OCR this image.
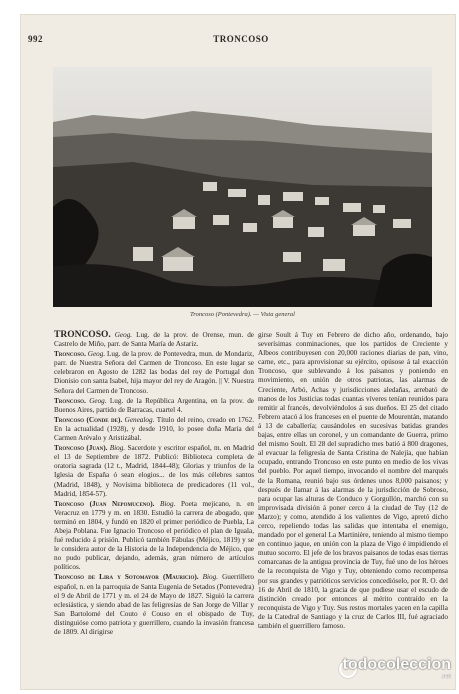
992	TRONCOSO
Troncoso (Pontevedra). — Vista general

TRONCOSO. Geog. Lug. de la prov. de Orense, mun. de Castrelo de Miño, parr. de Santa María de Astariz.

Troncoso. Geog. Lug. de la prov. de Pontevedra, mun. de Mondariz, parr. de Nuestra Señora del Carmen de Troncoso. En este lugar se celebraron en Agosto de 1282 las bodas del rey de Portugal don Dionisio con santa Isabel, hija mayor del rey de Aragón. || V. Nuestra Señora del Carmen de Troncoso.

Troncoso. Geog. Lug. de la República Argentina, en la prov. de Buenos Aires, partido de Barracas, cuartel 4.

Troncoso (Conde de). Genealog. Título del reino, creado en 1762. En la actualidad (1928), y desde 1910, lo posee doña María del Carmen Arévalo y Aristizábal.

Troncoso (Juan). Biog. Sacerdote y escritor español, m. en Madrid el 13 de Septiembre de 1872. Publicó: Biblioteca completa de oratoria sagrada (12 t., Madrid, 1844-48); Glorias y triunfos de la Iglesia de España ó sean elogios... de los más célebres santos (Madrid, 1848), y Novísima biblioteca de predicadores (11 vol., Madrid, 1854-57).

Troncoso (Juan Nepomuceno). Biog. Poeta mejicano, n. en Veracruz en 1779 y m. en 1830. Estudió la carrera de abogado, que terminó en 1804, y fundó en 1820 el primer periódico de Puebla, La Abeja Poblana. Fue Ignacio Troncoso el periódico el plan de Iguala, fué reducido á prisión. Publicó también Fábulas (Méjico, 1819) y se le considera autor de la Historia de la Independencia de Méjico, que no pudo publicar, dejando, además, gran número de artículos políticos.

Troncoso de Lira y Sotomayor (Mauricio). Biog. Guerrillero español, n. en la parroquia de Santa Eugenia de Setados (Pontevedra) el 9 de Abril de 1771 y m. el 24 de Mayo de 1827. Siguió la carrera eclesiástica, y siendo abad de las feligresías de San Jorge de Villar y San Bartolomé del Couto é Couso en el obispado de Tuy, distinguióse como patriota y guerrillero, cuando la invasión francesa de 1809. Al dirigirse

girse Soult á Tuy en Febrero de dicho año, ordenando, bajo severísimas conminaciones, que los partidos de Creciente y Albeos contribuyesen con 20,000 raciones diarias de pan, vino, carne, etc., para aprovisionar su ejército, opúsose á tal exacción Troncoso, que sublevando á los paisanos y poniendo en movimiento, en unión de otros patriotas, las alarmas de Creciente, Arbó, Achas y jurisdicciones aledañas, arrebató de manos de los Justicias todas cuantas víveres tenían reunidos para remitir al francés, devolviéndolos á sus dueños. El 25 del citado Febrero atacó á los franceses en el puente de Mourentán, matando á 13 de caballería; causándoles en sucesivas batidas grandes bajas, entre ellas un coronel, y un comandante de Guerra, primo del mismo Soult. El 28 del supradicho mes batió á 800 dragones, al evacuar la feligresía de Santa Cristina de Nalejía, que habían ocupado, entrando Troncoso en este punto en medio de los vivas del pueblo. Por aquel tiempo, invocando el nombre del marqués de la Romana, reunió bajo sus órdenes unos 8,000 paisanos; y después de llamar á las alarmas de la jurisdicción de Sobroso, para ocupar las alturas de Conduco y Gorgullón, marchó con su improvisada división á poner cerco á la ciudad de Tuy (12 de Marzo); y como, atendido á los valientes de Vigo, apretó dicho cerco, repeliendo todas las salidas que intentaba el enemigo, mandado por el general La Martinière, teniendo al mismo tiempo en continuo jaque, en unión con la plaza de Vigo é impidiendo el mutuo socorro. El jefe de los bravos paisanos de todas esas tierras comarcanas de la antigua provincia de Tuy, fué uno de los héroes de la reconquista de Vigo y Tuy, obteniendo como recompensa por sus grandes y patrióticos servicios concedióselo, por R. O. del 16 de Abril de 1810, la gracia de que pudiese usar el escudo de distinción creado por entonces al mérito contraído en la reconquista de Vigo y Tuy. Sus restos mortales yacen en la capilla de la Catedral de Santiago y la cruz de Carlos III, fué agraciado también el guerrillero famoso.

todocoleccion
.net
